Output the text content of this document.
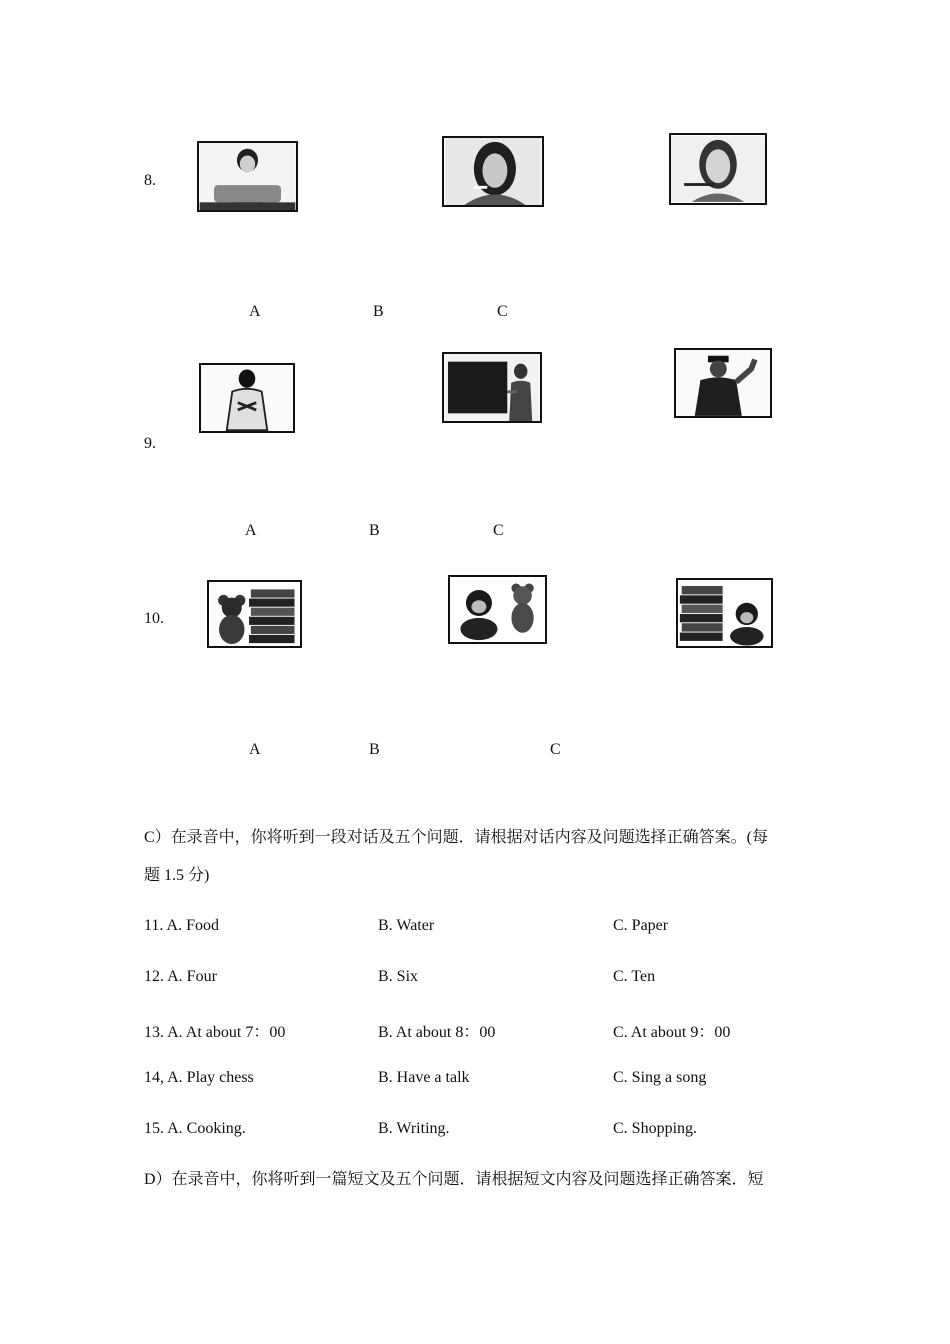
8.
A	B	C
9.
A	B	C
10.
A	B	C
C）在录音中，你将听到一段对话及五个问题．请根据对话内容及问题选择正确答案。(每
题 1.5 分)
11. A. Food	B. Water	C. Paper
12. A. Four	B. Six	C. Ten
13. A. At about 7：00	B. At about 8：00	C. At about 9：00
14, A. Play chess	B. Have a talk	C. Sing a song
15. A. Cooking.	B. Writing.	C. Shopping.
D）在录音中，你将听到一篇短文及五个问题．请根据短文内容及问题选择正确答案．短
